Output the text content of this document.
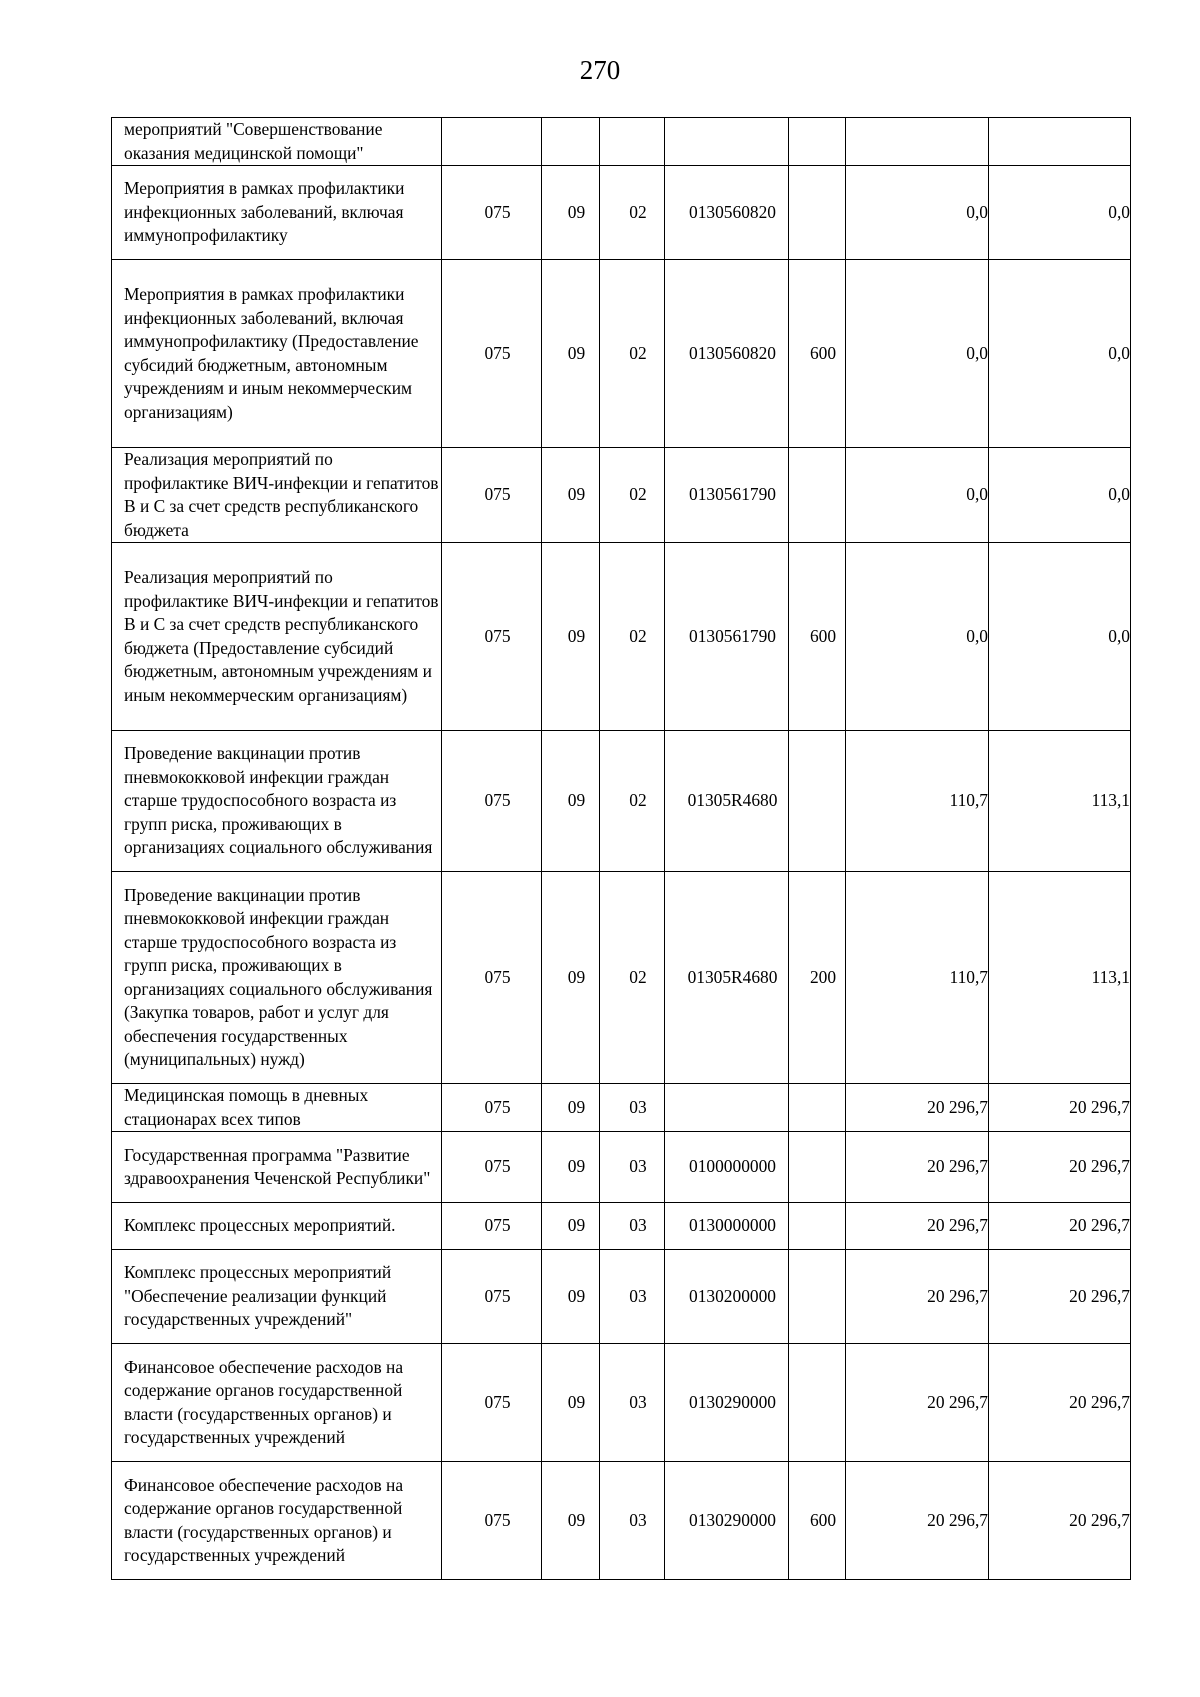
270
мероприятий "Совершенствование оказания медицинской помощи"							
Мероприятия в рамках профилактики инфекционных заболеваний, включая иммунопрофилактику	075	09	02	0130560820		0,0	0,0
Мероприятия в рамках профилактики инфекционных заболеваний, включая иммунопрофилактику (Предоставление субсидий бюджетным, автономным учреждениям и иным некоммерческим организациям)	075	09	02	0130560820	600	0,0	0,0
Реализация мероприятий по профилактике ВИЧ-инфекции и гепатитов В и С за счет средств республиканского бюджета	075	09	02	0130561790		0,0	0,0
Реализация мероприятий по профилактике ВИЧ-инфекции и гепатитов В и С за счет средств республиканского бюджета (Предоставление субсидий бюджетным, автономным учреждениям и иным некоммерческим организациям)	075	09	02	0130561790	600	0,0	0,0
Проведение вакцинации против пневмококковой инфекции граждан старше трудоспособного возраста из групп риска, проживающих в организациях социального обслуживания	075	09	02	01305R4680		110,7	113,1
Проведение вакцинации против пневмококковой инфекции граждан старше трудоспособного возраста из групп риска, проживающих в организациях социального обслуживания (Закупка товаров, работ и услуг для обеспечения государственных (муниципальных) нужд)	075	09	02	01305R4680	200	110,7	113,1
Медицинская помощь в дневных стационарах всех типов	075	09	03			20 296,7	20 296,7
Государственная программа "Развитие здравоохранения Чеченской Республики"	075	09	03	0100000000		20 296,7	20 296,7
Комплекс процессных мероприятий.	075	09	03	0130000000		20 296,7	20 296,7
Комплекс процессных мероприятий "Обеспечение реализации функций государственных учреждений"	075	09	03	0130200000		20 296,7	20 296,7
Финансовое обеспечение расходов на содержание органов государственной власти (государственных органов) и государственных учреждений	075	09	03	0130290000		20 296,7	20 296,7
Финансовое обеспечение расходов на содержание органов государственной власти (государственных органов) и государственных учреждений	075	09	03	0130290000	600	20 296,7	20 296,7
